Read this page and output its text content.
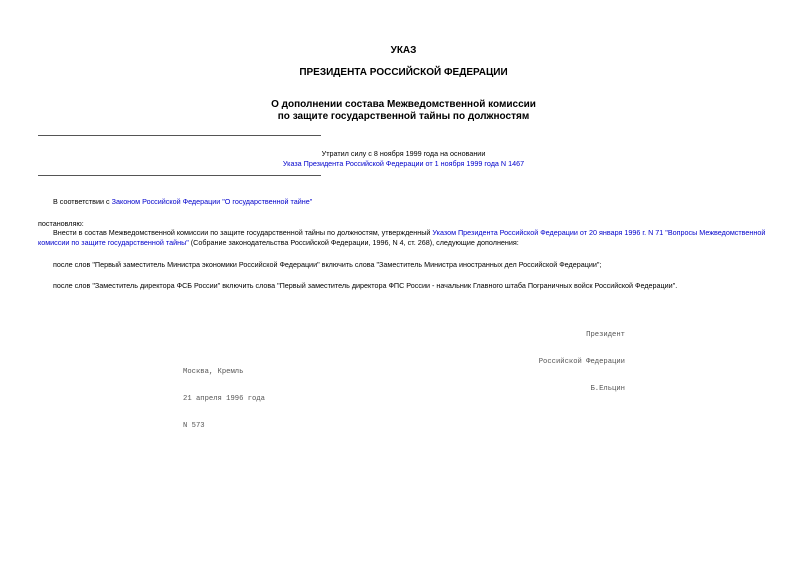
УКАЗ
ПРЕЗИДЕНТА РОССИЙСКОЙ ФЕДЕРАЦИИ
О дополнении состава Межведомственной комиссии
по защите государственной тайны по должностям
Утратил силу с 8 ноября 1999 года на основании
Указа Президента Российской Федерации от 1 ноября 1999 года N 1467
В соответствии с Законом Российской Федерации "О государственной тайне"
постановляю:
Внести в состав Межведомственной комиссии по защите государственной тайны по должностям, утвержденный Указом Президента Российской Федерации от 20 января 1996 г. N 71 "Вопросы Межведомственной комиссии по защите государственной тайны" (Собрание законодательства Российской Федерации, 1996, N 4, ст. 268), следующие дополнения:
после слов "Первый заместитель Министра экономики Российской Федерации" включить слова "Заместитель Министра иностранных дел Российской Федерации";
после слов "Заместитель директора ФСБ России" включить слова "Первый заместитель директора ФПС России - начальник Главного штаба Пограничных войск Российской Федерации".

Президент

Российской Федерации

Б.Ельцин

Москва, Кремль

21 апреля 1996 года

N 573
